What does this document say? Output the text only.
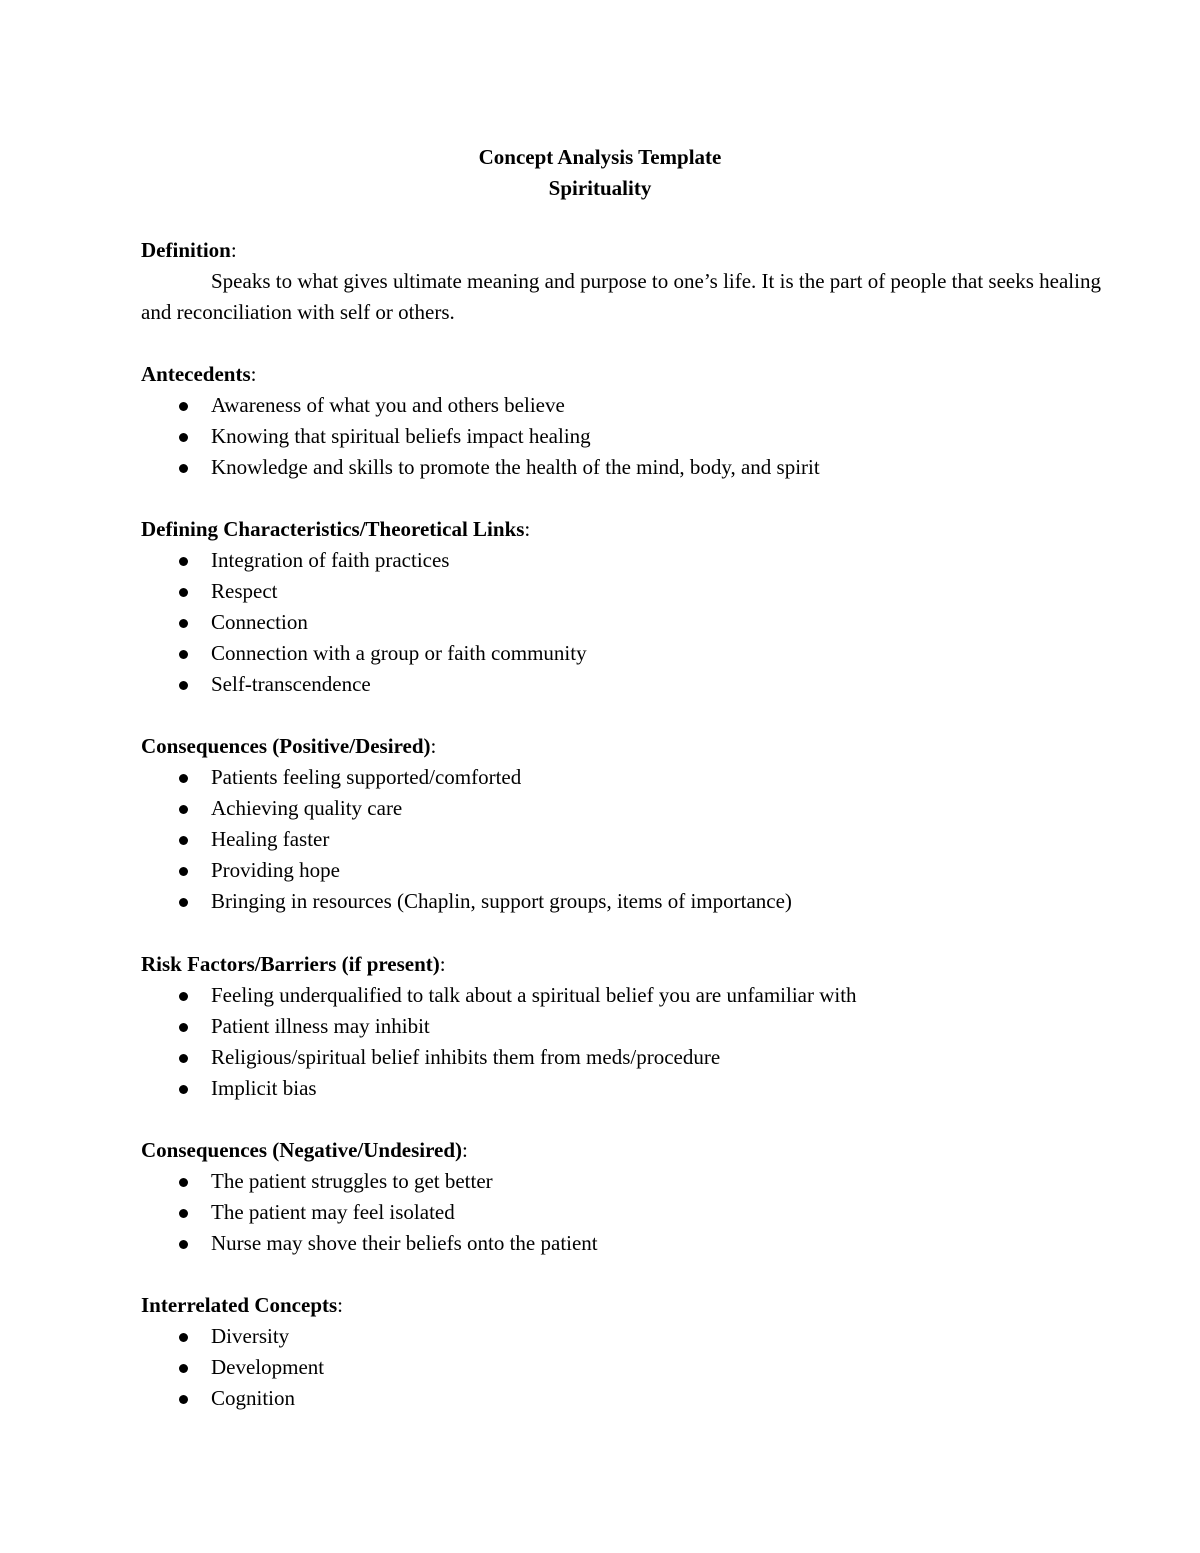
Concept Analysis Template
Spirituality
Definition:
Speaks to what gives ultimate meaning and purpose to one’s life. It is the part of people that seeks healing and reconciliation with self or others.
Antecedents:
Awareness of what you and others believe
Knowing that spiritual beliefs impact healing
Knowledge and skills to promote the health of the mind, body, and spirit
Defining Characteristics/Theoretical Links:
Integration of faith practices
Respect
Connection
Connection with a group or faith community
Self-transcendence
Consequences (Positive/Desired):
Patients feeling supported/comforted
Achieving quality care
Healing faster
Providing hope
Bringing in resources (Chaplin, support groups, items of importance)
Risk Factors/Barriers (if present):
Feeling underqualified to talk about a spiritual belief you are unfamiliar with
Patient illness may inhibit
Religious/spiritual belief inhibits them from meds/procedure
Implicit bias
Consequences (Negative/Undesired):
The patient struggles to get better
The patient may feel isolated
Nurse may shove their beliefs onto the patient
Interrelated Concepts:
Diversity
Development
Cognition
